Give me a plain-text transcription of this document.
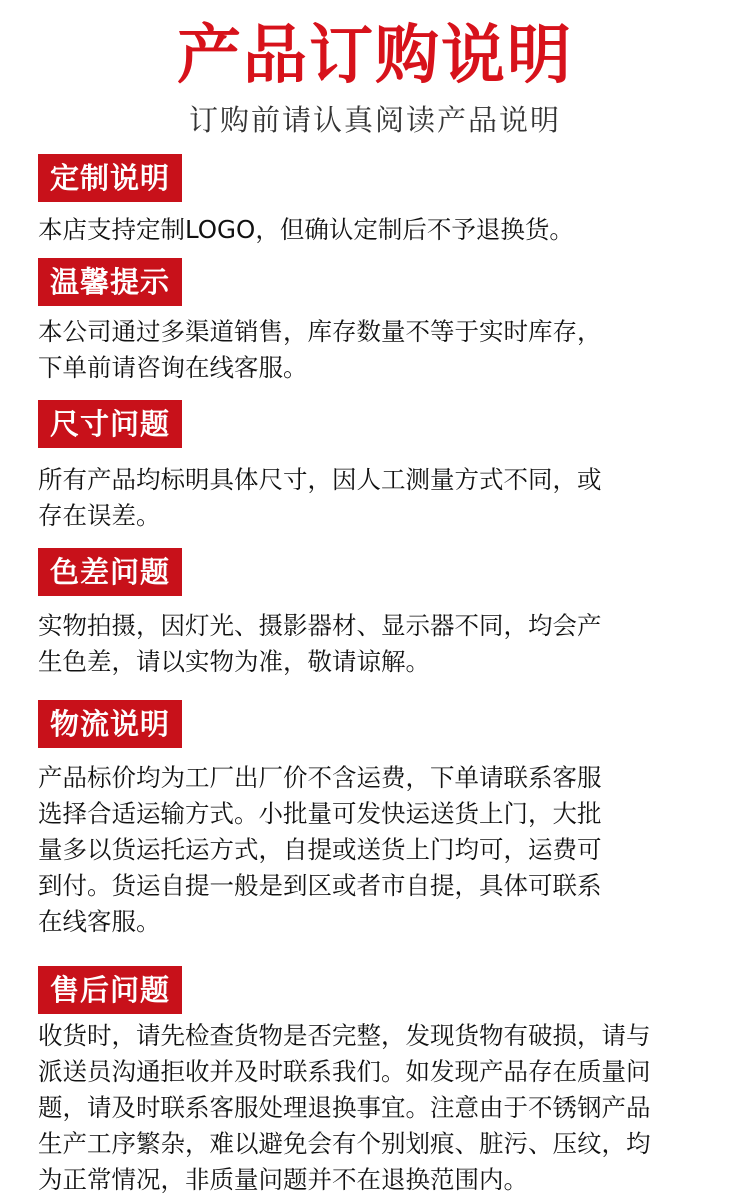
产品订购说明
订购前请认真阅读产品说明
定制说明
本店支持定制LOGO，但确认定制后不予退换货。
温馨提示
本公司通过多渠道销售，库存数量不等于实时库存，
下单前请咨询在线客服。
尺寸问题
所有产品均标明具体尺寸，因人工测量方式不同，或
存在误差。
色差问题
实物拍摄，因灯光、摄影器材、显示器不同，均会产
生色差，请以实物为准，敬请谅解。
物流说明
产品标价均为工厂出厂价不含运费，下单请联系客服
选择合适运输方式。小批量可发快运送货上门，大批
量多以货运托运方式，自提或送货上门均可，运费可
到付。货运自提一般是到区或者市自提，具体可联系
在线客服。
售后问题
收货时，请先检查货物是否完整，发现货物有破损，请与
派送员沟通拒收并及时联系我们。如发现产品存在质量问
题，请及时联系客服处理退换事宜。注意由于不锈钢产品
生产工序繁杂，难以避免会有个别划痕、脏污、压纹，均
为正常情况，非质量问题并不在退换范围内。
